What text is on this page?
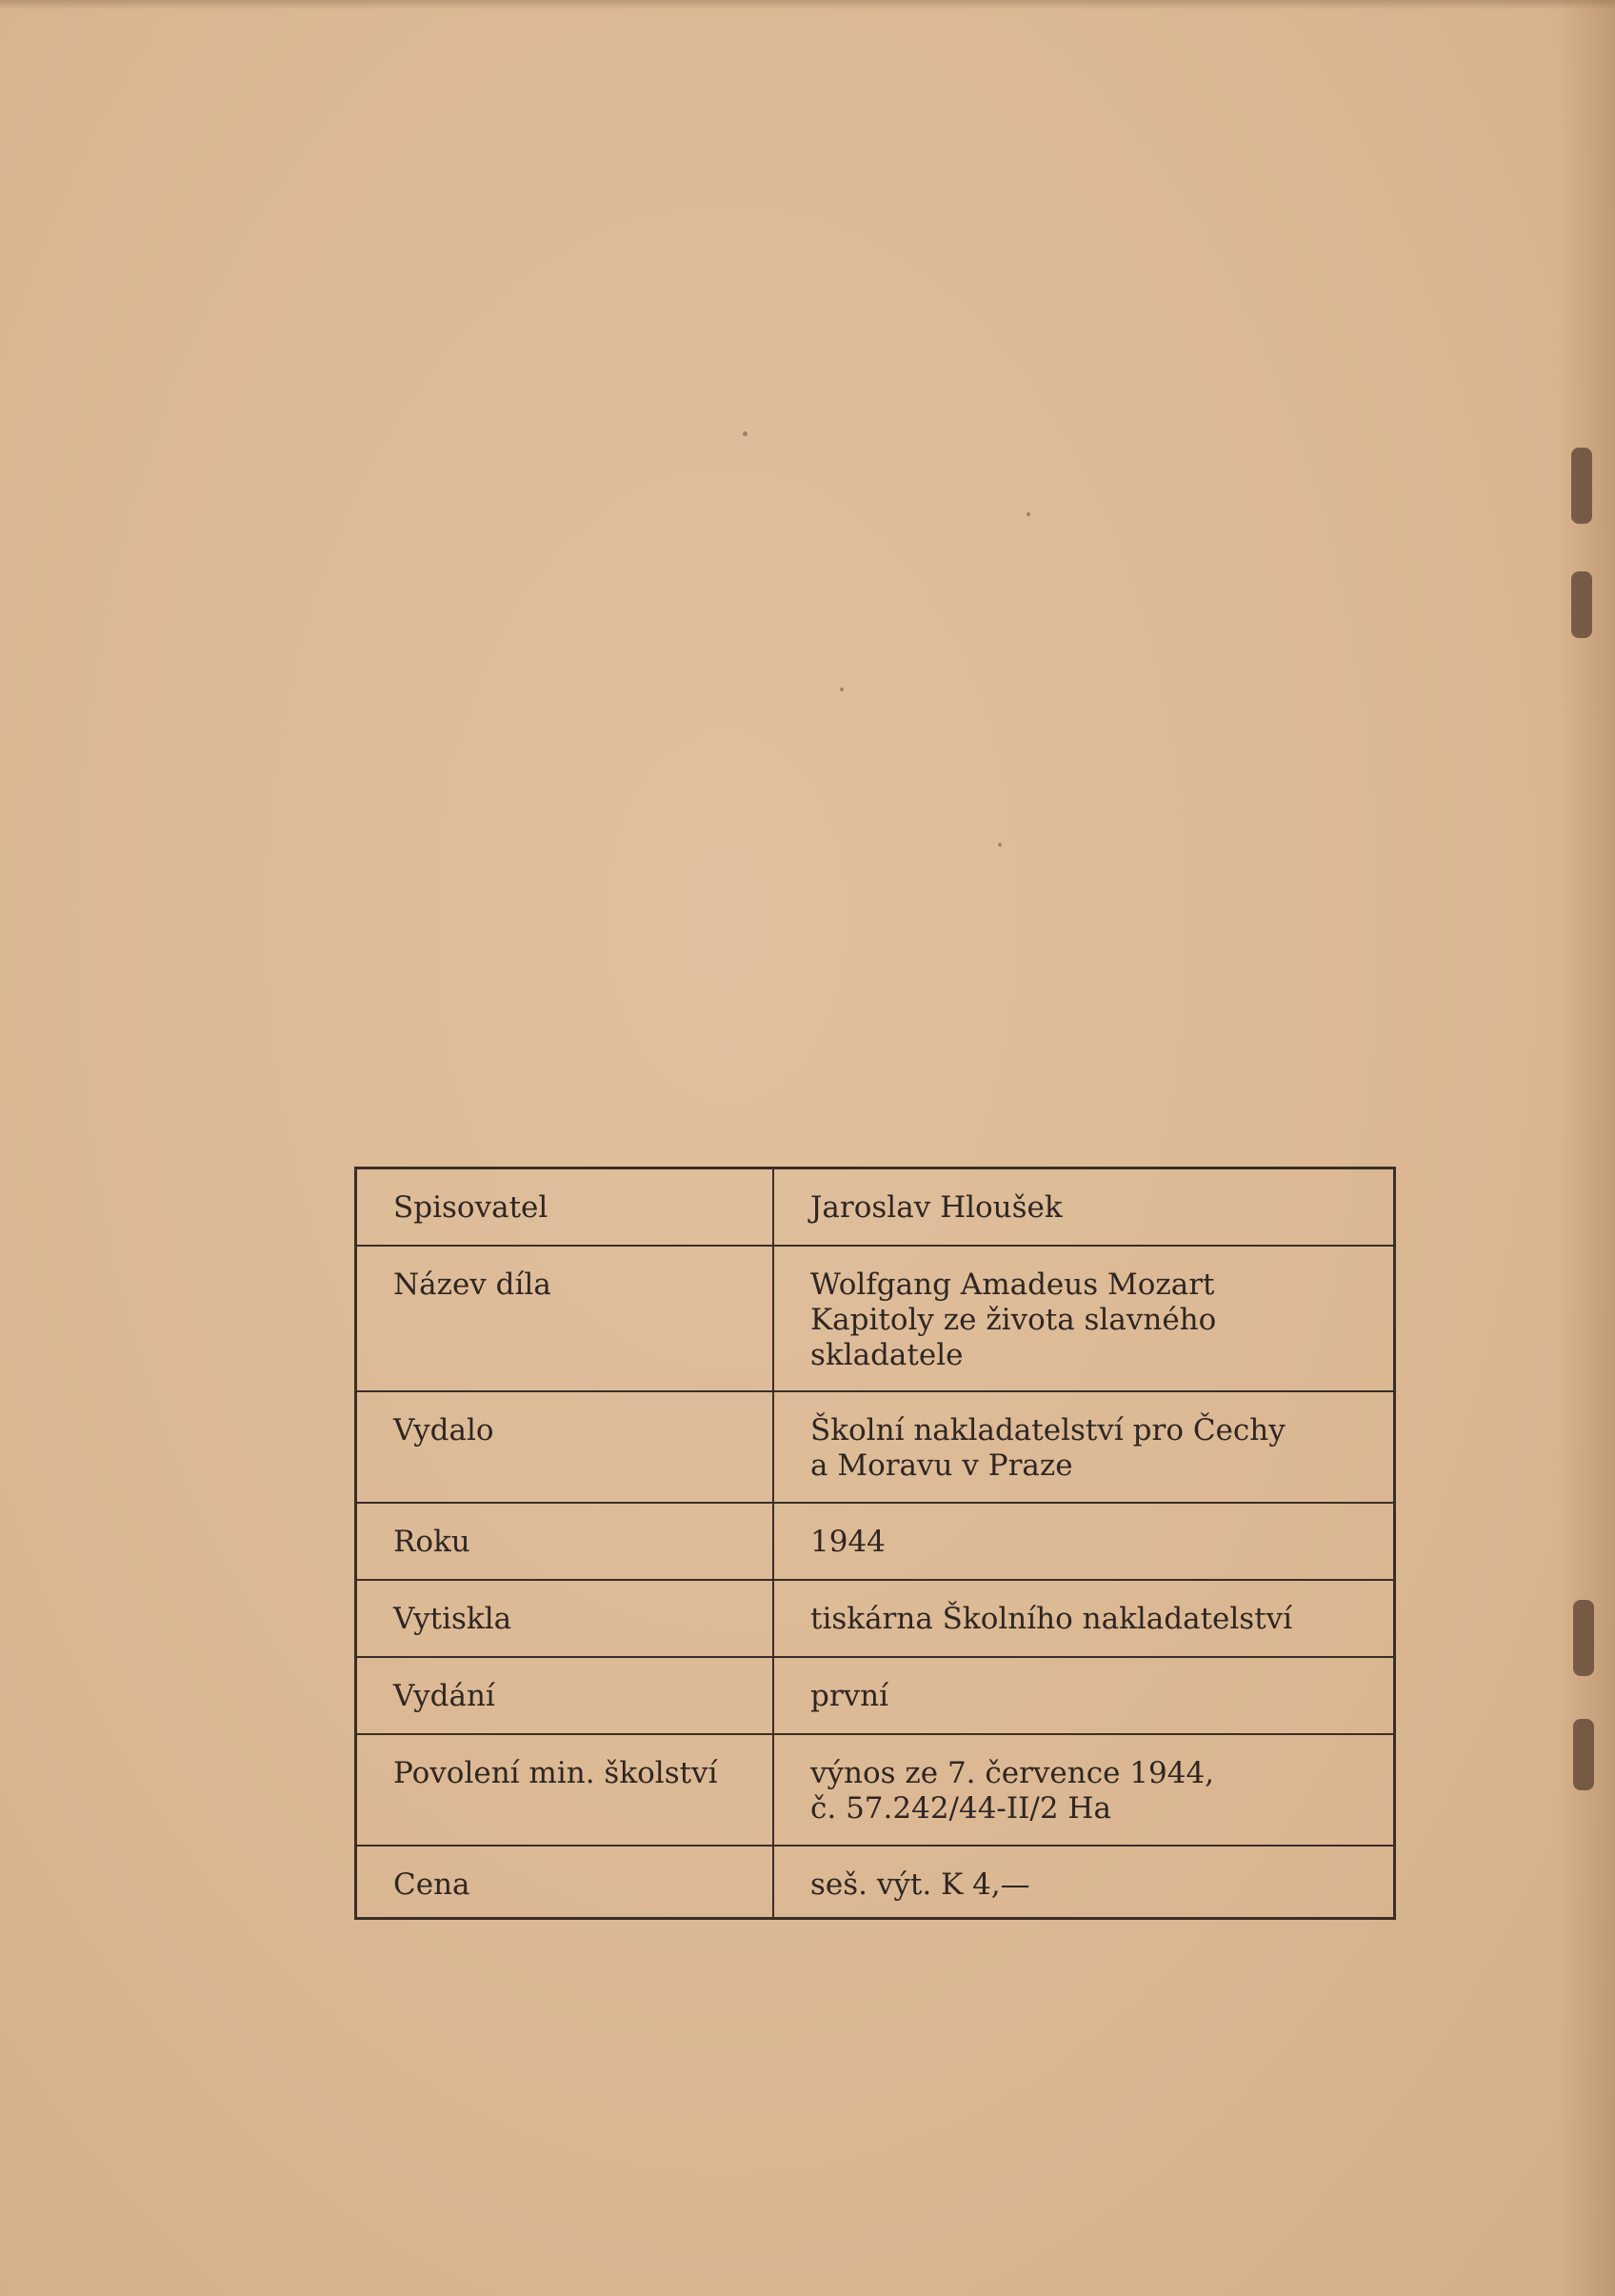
Spisovatel	Jaroslav Hloušek

Název díla	Wolfgang Amadeus Mozart
Kapitoly ze života slavného
skladatele

Vydalo	Školní nakladatelství pro Čechy
a Moravu v Praze

Roku	1944

Vytiskla	tiskárna Školního nakladatelství

Vydání	první

Povolení min. školství	výnos ze 7. července 1944,
č. 57.242/44-II/2 Ha

Cena	seš. výt. K 4,—
